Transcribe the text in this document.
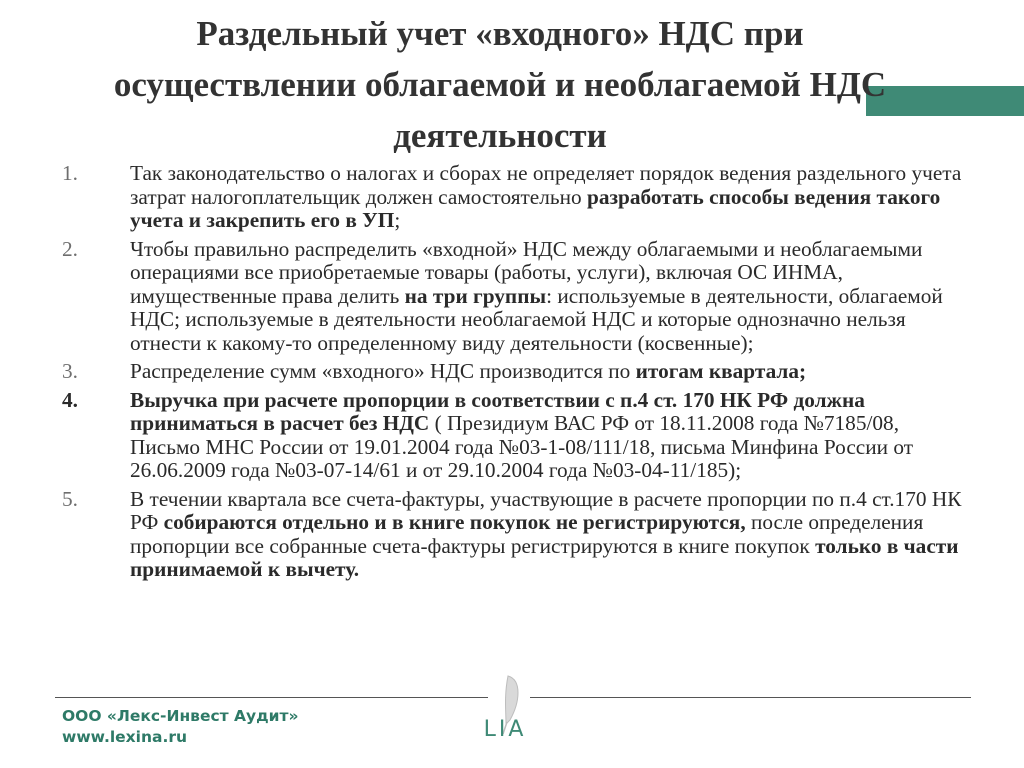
Раздельный учет «входного» НДС при
осуществлении облагаемой и необлагаемой НДС
деятельности
1. Так законодательство о налогах и сборах не определяет порядок ведения раздельного учета затрат налогоплательщик должен самостоятельно разработать способы ведения такого учета и закрепить его в УП;
2. Чтобы правильно распределить «входной» НДС между облагаемыми и необлагаемыми операциями все приобретаемые товары (работы, услуги), включая ОС ИНМА, имущественные права делить на три группы: используемые в деятельности, облагаемой НДС; используемые в деятельности необлагаемой НДС и которые однозначно нельзя отнести к какому-то определенному виду деятельности (косвенные);
3. Распределение сумм «входного» НДС производится по итогам квартала;
4. Выручка при расчете пропорции в соответствии с п.4 ст. 170 НК РФ должна приниматься в расчет без НДС ( Президиум ВАС РФ от 18.11.2008 года №7185/08, Письмо МНС России от 19.01.2004 года №03-1-08/111/18, письма Минфина России от 26.06.2009 года №03-07-14/61 и от 29.10.2004 года №03-04-11/185);
5. В течении квартала все счета-фактуры, участвующие в расчете пропорции по п.4 ст.170 НК РФ собираются отдельно и в книге покупок не регистрируются, после определения пропорции все собранные счета-фактуры регистрируются в книге покупок только в части принимаемой к вычету.
ООО «Лекс-Инвест Аудит»
www.lexina.ru	LIA
